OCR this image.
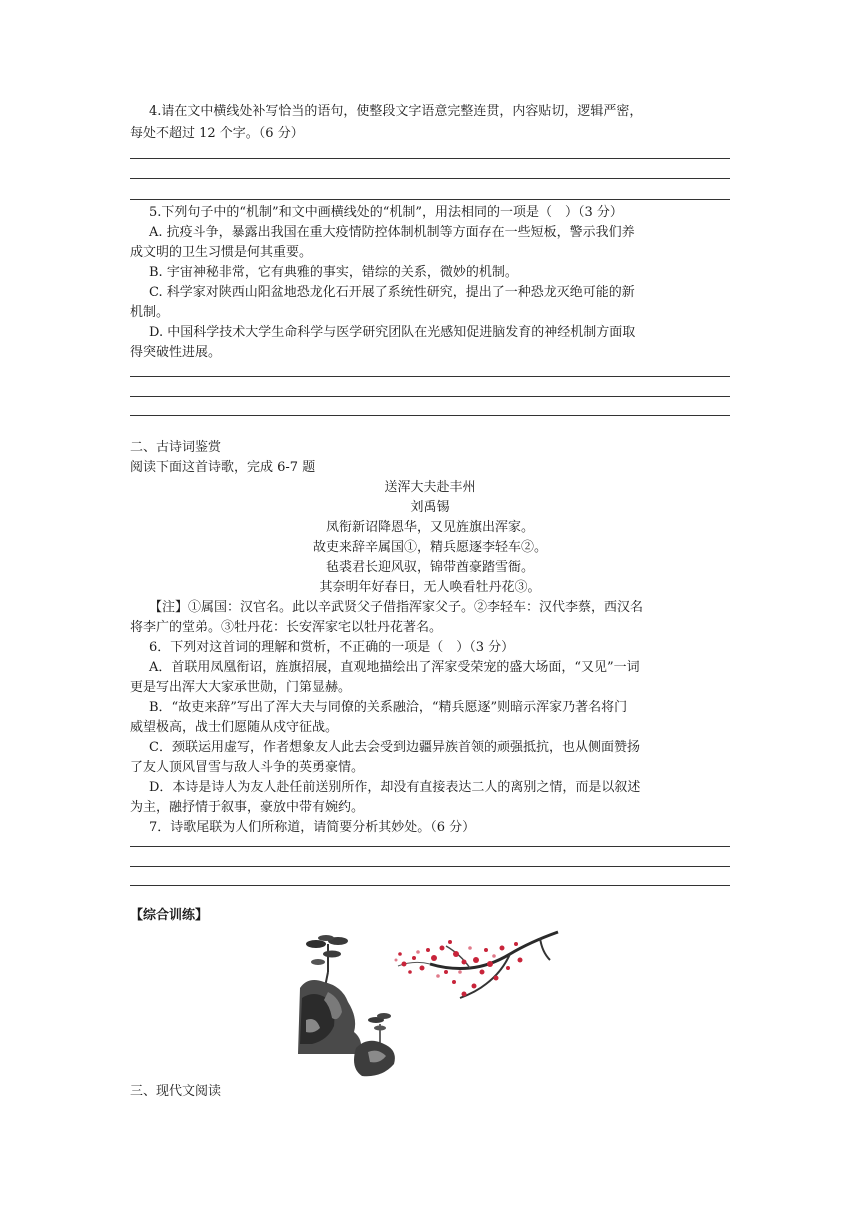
4.请在文中横线处补写恰当的语句，使整段文字语意完整连贯，内容贴切，逻辑严密，
每处不超过 12 个字。（6 分）
5.下列句子中的“机制”和文中画横线处的“机制”，用法相同的一项是（　）（3 分）
A. 抗疫斗争，暴露出我国在重大疫情防控体制机制等方面存在一些短板，警示我们养
成文明的卫生习惯是何其重要。
B. 宇宙神秘非常，它有典雅的事实，错综的关系，微妙的机制。
C. 科学家对陕西山阳盆地恐龙化石开展了系统性研究，提出了一种恐龙灭绝可能的新
机制。
D. 中国科学技术大学生命科学与医学研究团队在光感知促进脑发育的神经机制方面取
得突破性进展。
二、古诗词鉴赏
阅读下面这首诗歌，完成 6-7 题
送浑大夫赴丰州
刘禹锡
凤衔新诏降恩华，又见旌旗出浑家。
故吏来辞辛属国①，精兵愿逐李轻车②。
毡裘君长迎风驭，锦带酋豪踏雪衙。
其奈明年好春日，无人唤看牡丹花③。
【注】①属国：汉官名。此以辛武贤父子借指浑家父子。②李轻车：汉代李蔡，西汉名
将李广的堂弟。③牡丹花：长安浑家宅以牡丹花著名。
6．下列对这首词的理解和赏析，不正确的一项是（　）（3 分）
A．首联用凤凰衔诏，旌旗招展，直观地描绘出了浑家受荣宠的盛大场面，“又见”一词
更是写出浑大大家承世勋，门第显赫。
B．“故吏来辞”写出了浑大夫与同僚的关系融洽，“精兵愿逐”则暗示浑家乃著名将门
威望极高，战士们愿随从戍守征战。
C．颈联运用虚写，作者想象友人此去会受到边疆异族首领的顽强抵抗，也从侧面赞扬
了友人顶风冒雪与敌人斗争的英勇豪情。
D．本诗是诗人为友人赴任前送别所作，却没有直接表达二人的离别之情，而是以叙述
为主，融抒情于叙事，豪放中带有婉约。
7．诗歌尾联为人们所称道，请简要分析其妙处。（6 分）
【综合训练】
三、现代文阅读
